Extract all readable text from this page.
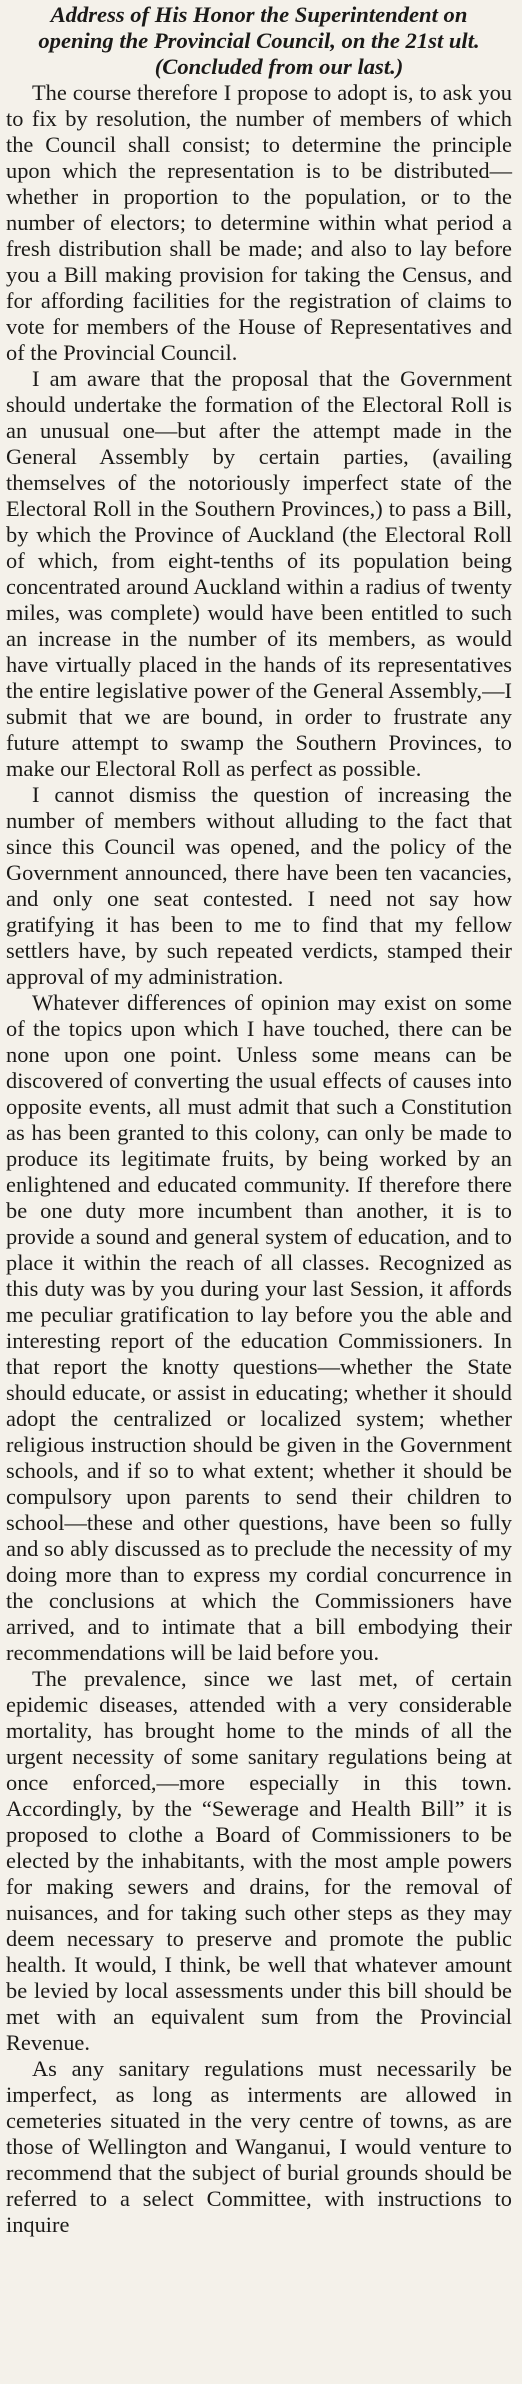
Address of His Honor the Superintendent on
opening the Provincial Council, on the 21st ult.
(Concluded from our last.)

The course therefore I propose to adopt is, to ask you to fix by resolution, the number of members of which the Council shall consist; to determine the principle upon which the representation is to be distributed—whether in proportion to the population, or to the number of electors; to determine within what period a fresh distribution shall be made; and also to lay before you a Bill making provision for taking the Census, and for affording facilities for the registration of claims to vote for members of the House of Representatives and of the Provincial Council.

I am aware that the proposal that the Government should undertake the formation of the Electoral Roll is an unusual one—but after the attempt made in the General Assembly by certain parties, (availing themselves of the notoriously imperfect state of the Electoral Roll in the Southern Provinces,) to pass a Bill, by which the Province of Auckland (the Electoral Roll of which, from eight-tenths of its population being concentrated around Auckland within a radius of twenty miles, was complete) would have been entitled to such an increase in the number of its members, as would have virtually placed in the hands of its representatives the entire legislative power of the General Assembly,—I submit that we are bound, in order to frustrate any future attempt to swamp the Southern Provinces, to make our Electoral Roll as perfect as possible.

I cannot dismiss the question of increasing the number of members without alluding to the fact that since this Council was opened, and the policy of the Government announced, there have been ten vacancies, and only one seat contested. I need not say how gratifying it has been to me to find that my fellow settlers have, by such repeated verdicts, stamped their approval of my administration.

Whatever differences of opinion may exist on some of the topics upon which I have touched, there can be none upon one point. Unless some means can be discovered of converting the usual effects of causes into opposite events, all must admit that such a Constitution as has been granted to this colony, can only be made to produce its legitimate fruits, by being worked by an enlightened and educated community. If therefore there be one duty more incumbent than another, it is to provide a sound and general system of education, and to place it within the reach of all classes. Recognized as this duty was by you during your last Session, it affords me peculiar gratification to lay before you the able and interesting report of the education Commissioners. In that report the knotty questions—whether the State should educate, or assist in educating; whether it should adopt the centralized or localized system; whether religious instruction should be given in the Government schools, and if so to what extent; whether it should be compulsory upon parents to send their children to school—these and other questions, have been so fully and so ably discussed as to preclude the necessity of my doing more than to express my cordial concurrence in the conclusions at which the Commissioners have arrived, and to intimate that a bill embodying their recommendations will be laid before you.

The prevalence, since we last met, of certain epidemic diseases, attended with a very considerable mortality, has brought home to the minds of all the urgent necessity of some sanitary regulations being at once enforced,—more especially in this town. Accordingly, by the “Sewerage and Health Bill” it is proposed to clothe a Board of Commissioners to be elected by the inhabitants, with the most ample powers for making sewers and drains, for the removal of nuisances, and for taking such other steps as they may deem necessary to preserve and promote the public health. It would, I think, be well that whatever amount be levied by local assessments under this bill should be met with an equivalent sum from the Provincial Revenue.

As any sanitary regulations must necessarily be imperfect, as long as interments are allowed in cemeteries situated in the very centre of towns, as are those of Wellington and Wanganui, I would venture to recommend that the subject of burial grounds should be referred to a select Committee, with instructions to inquire
